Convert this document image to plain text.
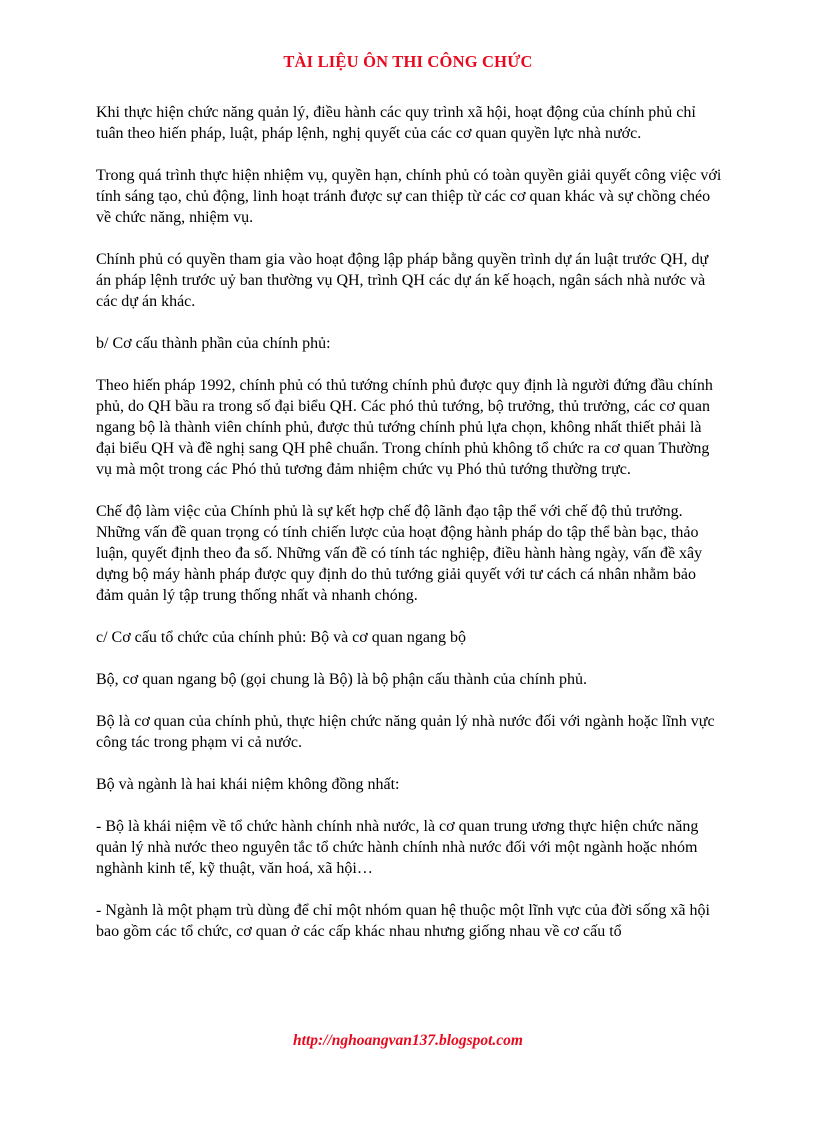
TÀI LIỆU ÔN THI CÔNG CHỨC

Khi thực hiện chức năng quản lý, điều hành các quy trình xã hội, hoạt động của chính phủ chỉ tuân theo hiến pháp, luật, pháp lệnh, nghị quyết của các cơ quan quyền lực nhà nước.

Trong quá trình thực hiện nhiệm vụ, quyền hạn, chính phủ có toàn quyền giải quyết công việc với tính sáng tạo, chủ động, linh hoạt tránh được sự can thiệp từ các cơ quan khác và sự chồng chéo về chức năng, nhiệm vụ.

Chính phủ có quyền tham gia vào hoạt động lập pháp bằng quyền trình dự án luật trước QH, dự án pháp lệnh trước uỷ ban thường vụ QH, trình QH các dự án kế hoạch, ngân sách nhà nước và các dự án khác.

b/ Cơ cấu thành phần của chính phủ:

Theo hiến pháp 1992, chính phủ có thủ tướng chính phủ được quy định là người đứng đầu chính phủ, do QH bầu ra trong số đại biểu QH. Các phó thủ tướng, bộ trưởng, thủ trưởng, các cơ quan ngang bộ là thành viên chính phủ, được thủ tướng chính phủ lựa chọn, không nhất thiết phải là đại biểu QH và đề nghị sang QH phê chuẩn. Trong chính phủ không tổ chức ra cơ quan Thường vụ mà một trong các Phó thủ tương đảm nhiệm chức vụ Phó thủ tướng thường trực.

Chế độ làm việc của Chính phủ là sự kết hợp chế độ lãnh đạo tập thể với chế độ thủ trưởng. Những vấn đề quan trọng có tính chiến lược của hoạt động hành pháp do tập thể bàn bạc, thảo luận, quyết định theo đa số. Những vấn đề có tính tác nghiệp, điều hành hàng ngày, vấn đề xây dựng bộ máy hành pháp được quy định do thủ tướng giải quyết với tư cách cá nhân nhằm bảo đảm quản lý tập trung thống nhất và nhanh chóng.

c/ Cơ cấu tổ chức của chính phủ: Bộ và cơ quan ngang bộ

Bộ, cơ quan ngang bộ (gọi chung là Bộ) là bộ phận cấu thành của chính phủ.

Bộ là cơ quan của chính phủ, thực hiện chức năng quản lý nhà nước đối với ngành hoặc lĩnh vực công tác trong phạm vi cả nước.

Bộ và ngành là hai khái niệm không đồng nhất:

- Bộ là khái niệm về tổ chức hành chính nhà nước, là cơ quan trung ương thực hiện chức năng quản lý nhà nước theo nguyên tắc tổ chức hành chính nhà nước đối với một ngành hoặc nhóm nghành kinh tế, kỹ thuật, văn hoá, xã hội…

- Ngành là một phạm trù dùng để chỉ một nhóm quan hệ thuộc một lĩnh vực của đời sống xã hội bao gồm các tổ chức, cơ quan ở các cấp khác nhau nhưng giống nhau về cơ cấu tổ

http://nghoangvan137.blogspot.com
